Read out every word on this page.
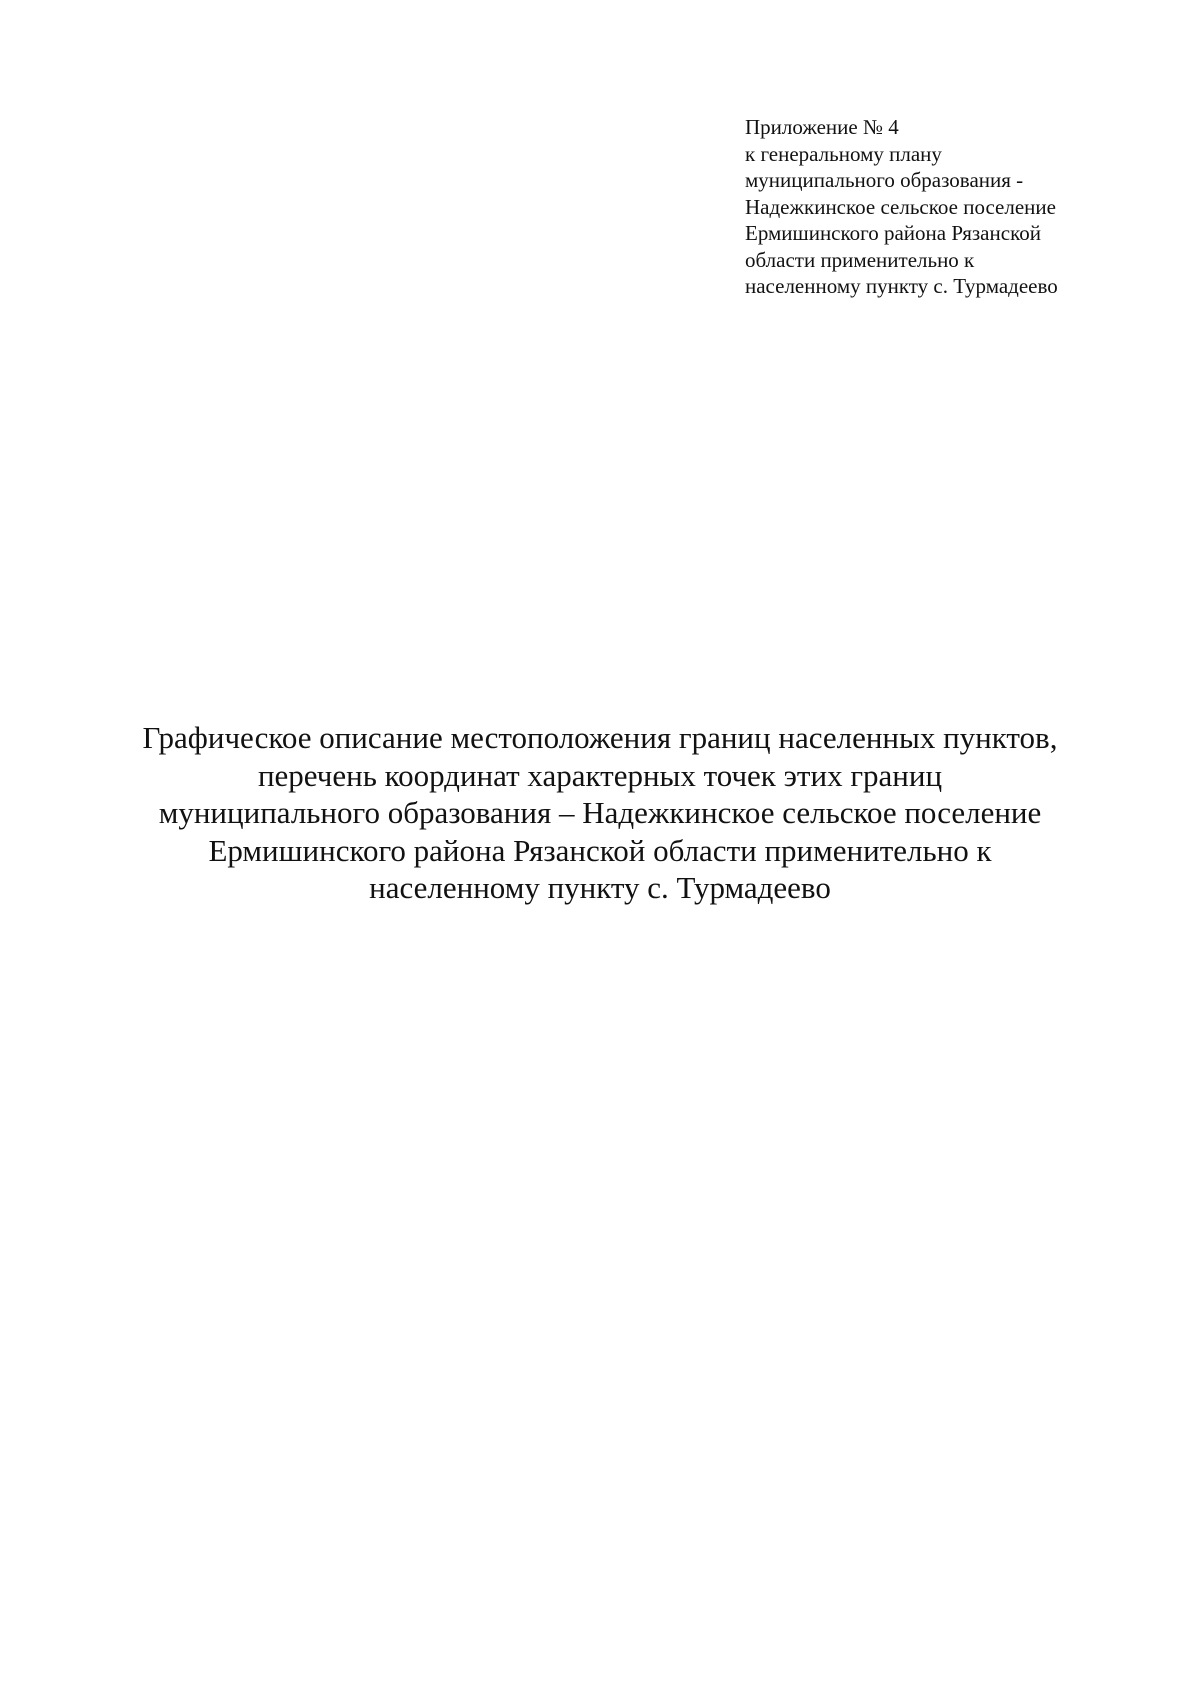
Приложение № 4
к генеральному плану
муниципального образования -
Надежкинское сельское поселение
Ермишинского района Рязанской
области применительно к
населенному пункту с. Турмадеево
Графическое описание местоположения границ населенных пунктов,
перечень координат характерных точек этих границ
муниципального образования – Надежкинское сельское поселение
Ермишинского района Рязанской области применительно к
населенному пункту с. Турмадеево
